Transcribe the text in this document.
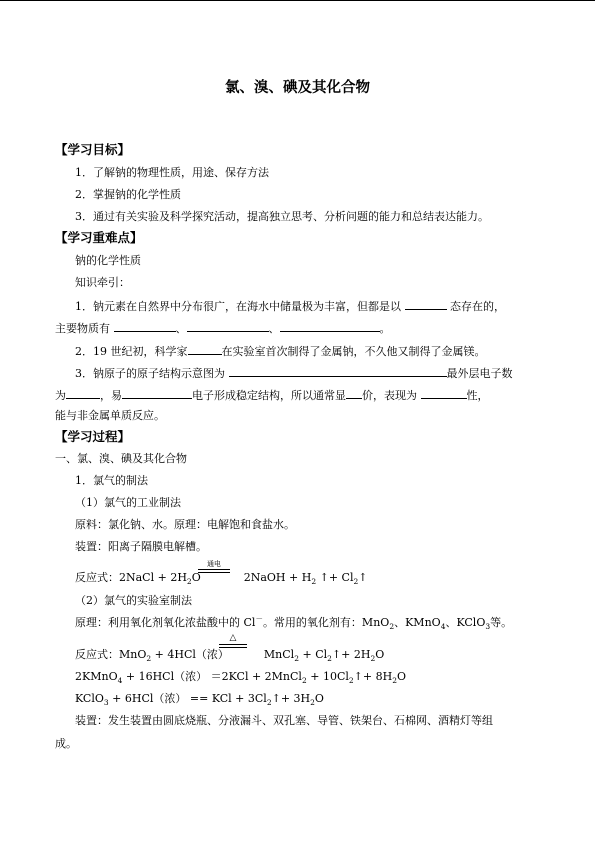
氯、溴、碘及其化合物
【学习目标】
1．了解钠的物理性质，用途、保存方法
2．掌握钠的化学性质
3．通过有关实验及科学探究活动，提高独立思考、分析问题的能力和总结表达能力。
【学习重难点】
钠的化学性质
知识牵引：
1．钠元素在自然界中分布很广，在海水中储量极为丰富，但都是以	态存在的，
主要物质有	、	、	。
2．19 世纪初，科学家	在实验室首次制得了金属钠，不久他又制得了金属镁。
3．钠原子的原子结构示意图为	最外层电子数
为	，易	电子形成稳定结构，所以通常显 价，表现为	性，
能与非金属单质反应。
【学习过程】
一、氯、溴、碘及其化合物
1．氯气的制法
（1）氯气的工业制法
原料：氯化钠、水。原理：电解饱和食盐水。
装置：阳离子隔膜电解槽。
通电
反应式：2NaCl + $2H_2O$	2NaOH + $H_2$ ↑+ $Cl_2↑$
（2）氯气的实验室制法
原理：利用氧化剂氧化浓盐酸中的 Cl－。常用的氧化剂有：MnO$_2$、KMnO$_4$、KClO$_3$等。
△
反应式：MnO$_2$ + 4HCl（浓）	MnCl$_2$ + $Cl_2↑+ 2H_2O$
2KMnO$_4$ + 16HCl（浓） ＝2KCl + 2MnCl$_2$ + $10Cl_2↑+ 8H_2O$
KClO$_3$ + 6HCl（浓） == KCl + $3Cl_2↑+ 3H_2O$
装置：发生装置由圆底烧瓶、分液漏斗、双孔塞、导管、铁架台、石棉网、酒精灯等组
成。
